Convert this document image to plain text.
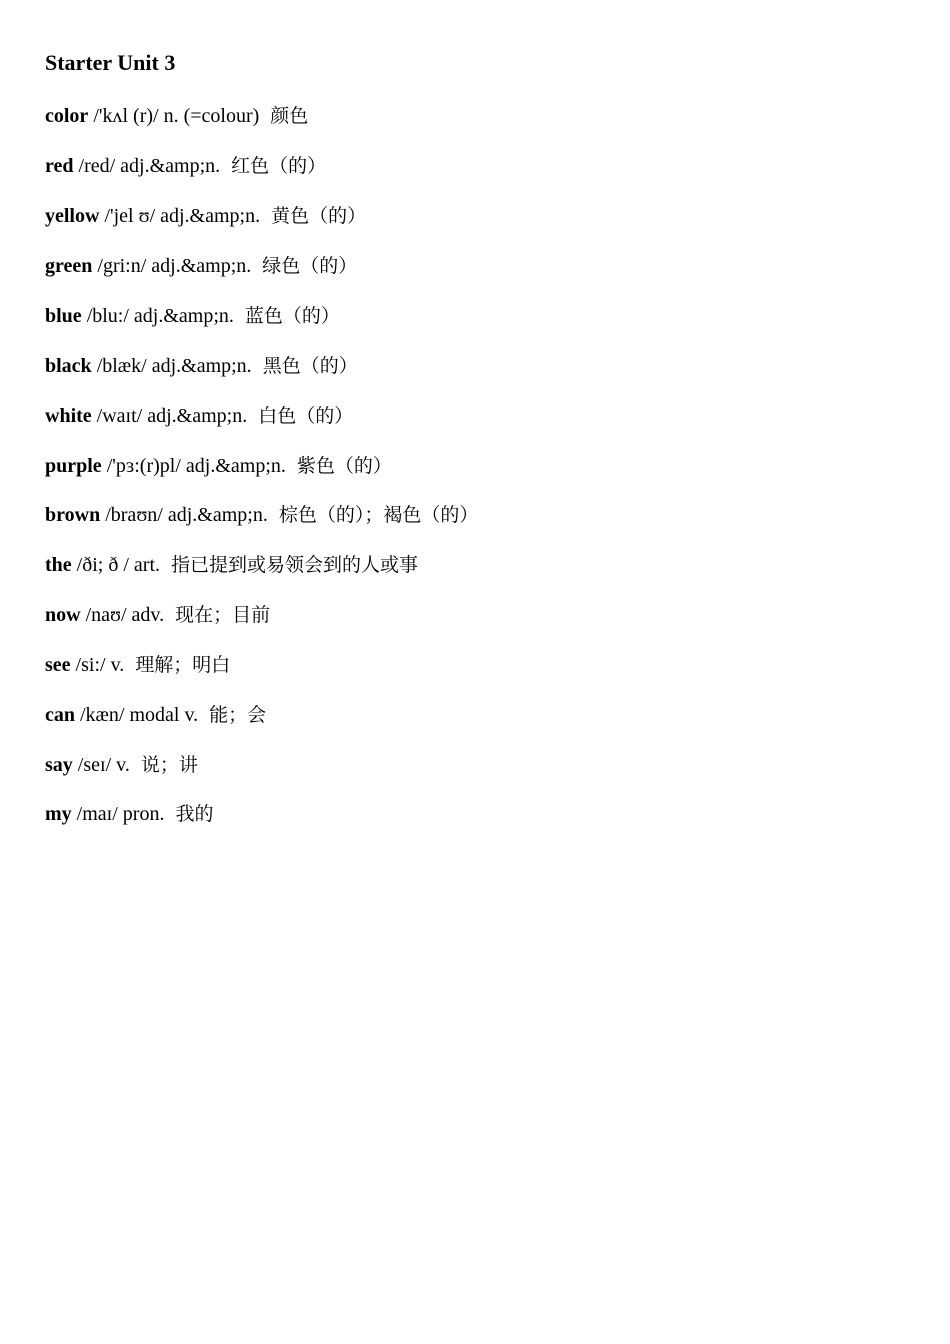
Starter Unit 3
color /'kʌl (r)/ n. (=colour) 颜色
red /red/ adj.&amp;n. 红色（的）
yellow /'jel ʊ/ adj.&amp;n. 黄色（的）
green /gri:n/ adj.&amp;n. 绿色（的）
blue /blu:/ adj.&amp;n. 蓝色（的）
black /blæk/ adj.&amp;n. 黑色（的）
white /waɪt/ adj.&amp;n. 白色（的）
purple /'pɜ:(r)pl/ adj.&amp;n. 紫色（的）
brown /braʊn/ adj.&amp;n. 棕色（的）；褐色（的）
the /ði; ð / art. 指已提到或易领会到的人或事
now /naʊ/ adv. 现在；目前
see /si:/ v. 理解；明白
can /kæn/ modal v. 能；会
say /seɪ/ v. 说；讲
my /maɪ/ pron. 我的
